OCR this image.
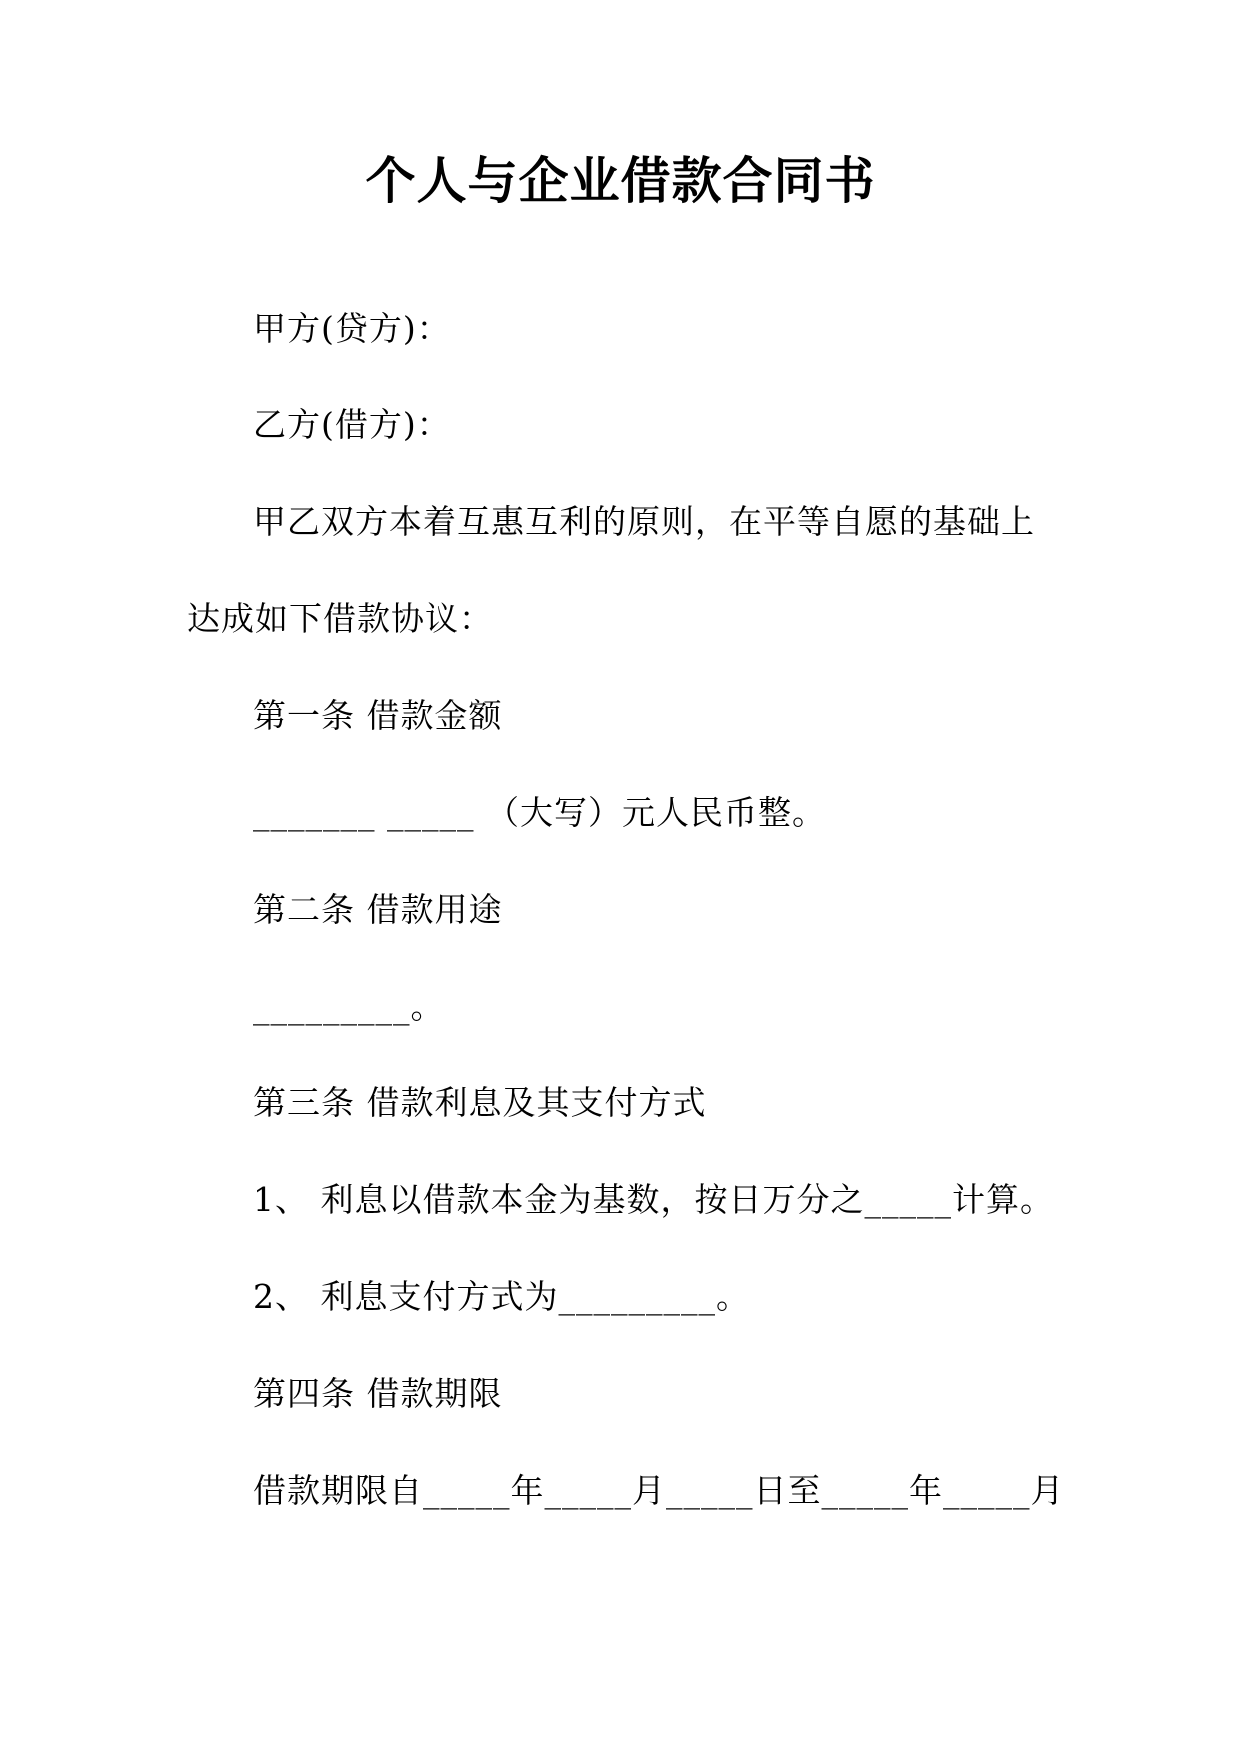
个人与企业借款合同书
甲方(贷方)：
乙方(借方)：
甲乙双方本着互惠互利的原则，在平等自愿的基础上
达成如下借款协议：
第一条 借款金额
_______ _____ （大写）元人民币整。
第二条 借款用途
_________。
第三条 借款利息及其支付方式
1、 利息以借款本金为基数，按日万分之_____计算。
2、 利息支付方式为_________。
第四条 借款期限
借款期限自_____年_____月_____日至_____年_____月
